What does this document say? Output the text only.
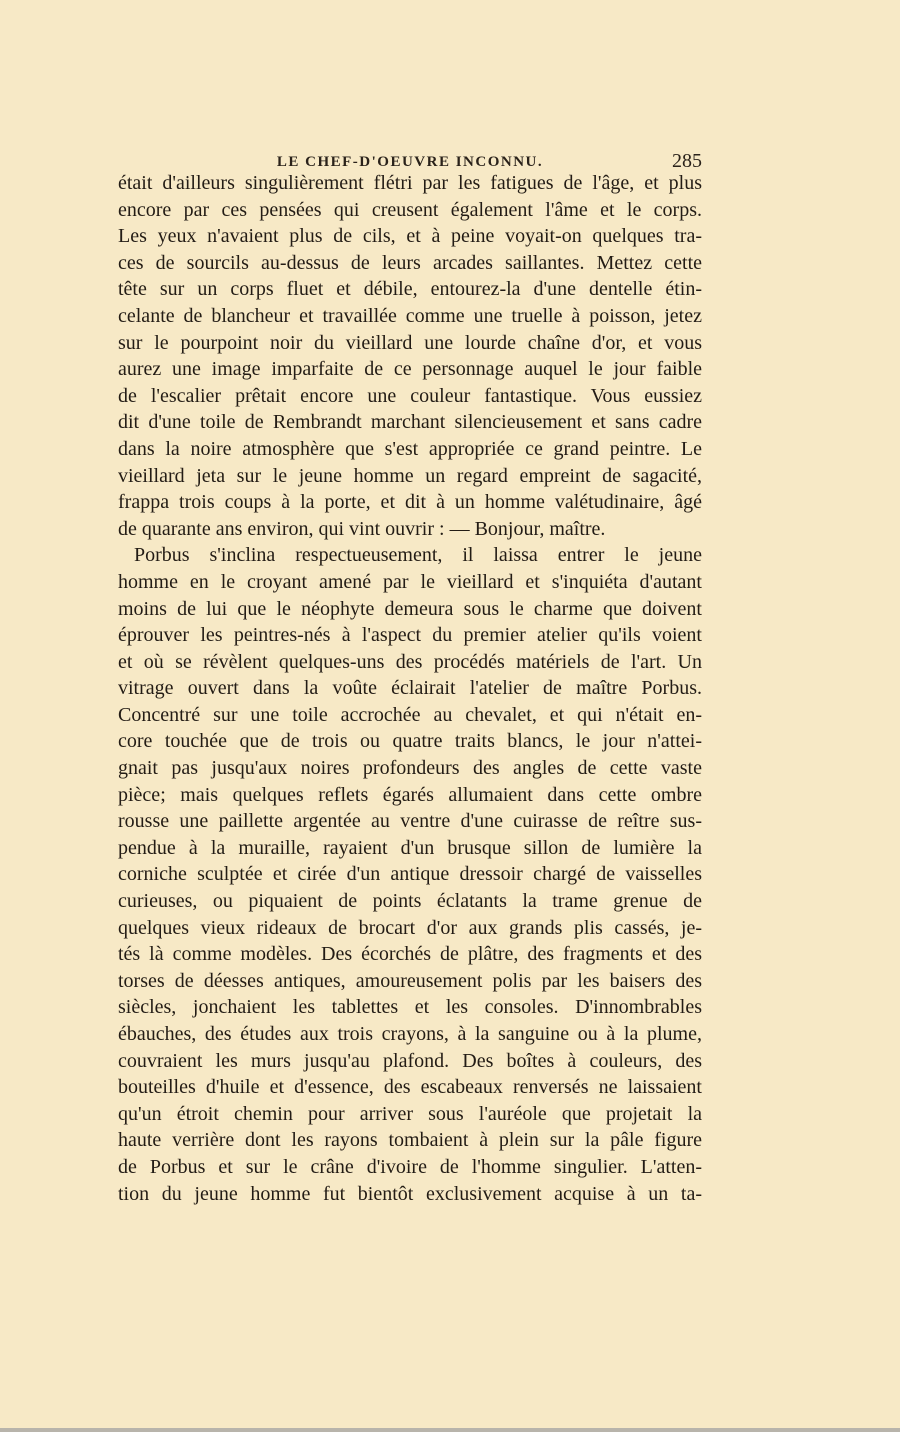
LE CHEF-D'OEUVRE INCONNU.	285
était d'ailleurs singulièrement flétri par les fatigues de l'âge, et plus
encore par ces pensées qui creusent également l'âme et le corps.
Les yeux n'avaient plus de cils, et à peine voyait-on quelques tra-
ces de sourcils au-dessus de leurs arcades saillantes. Mettez cette
tête sur un corps fluet et débile, entourez-la d'une dentelle étin-
celante de blancheur et travaillée comme une truelle à poisson, jetez
sur le pourpoint noir du vieillard une lourde chaîne d'or, et vous
aurez une image imparfaite de ce personnage auquel le jour faible
de l'escalier prêtait encore une couleur fantastique. Vous eussiez
dit d'une toile de Rembrandt marchant silencieusement et sans cadre
dans la noire atmosphère que s'est appropriée ce grand peintre. Le
vieillard jeta sur le jeune homme un regard empreint de sagacité,
frappa trois coups à la porte, et dit à un homme valétudinaire, âgé
de quarante ans environ, qui vint ouvrir : — Bonjour, maître.
Porbus s'inclina respectueusement, il laissa entrer le jeune
homme en le croyant amené par le vieillard et s'inquiéta d'autant
moins de lui que le néophyte demeura sous le charme que doivent
éprouver les peintres-nés à l'aspect du premier atelier qu'ils voient
et où se révèlent quelques-uns des procédés matériels de l'art. Un
vitrage ouvert dans la voûte éclairait l'atelier de maître Porbus.
Concentré sur une toile accrochée au chevalet, et qui n'était en-
core touchée que de trois ou quatre traits blancs, le jour n'attei-
gnait pas jusqu'aux noires profondeurs des angles de cette vaste
pièce; mais quelques reflets égarés allumaient dans cette ombre
rousse une paillette argentée au ventre d'une cuirasse de reître sus-
pendue à la muraille, rayaient d'un brusque sillon de lumière la
corniche sculptée et cirée d'un antique dressoir chargé de vaisselles
curieuses, ou piquaient de points éclatants la trame grenue de
quelques vieux rideaux de brocart d'or aux grands plis cassés, je-
tés là comme modèles. Des écorchés de plâtre, des fragments et des
torses de déesses antiques, amoureusement polis par les baisers des
siècles, jonchaient les tablettes et les consoles. D'innombrables
ébauches, des études aux trois crayons, à la sanguine ou à la plume,
couvraient les murs jusqu'au plafond. Des boîtes à couleurs, des
bouteilles d'huile et d'essence, des escabeaux renversés ne laissaient
qu'un étroit chemin pour arriver sous l'auréole que projetait la
haute verrière dont les rayons tombaient à plein sur la pâle figure
de Porbus et sur le crâne d'ivoire de l'homme singulier. L'atten-
tion du jeune homme fut bientôt exclusivement acquise à un ta-
